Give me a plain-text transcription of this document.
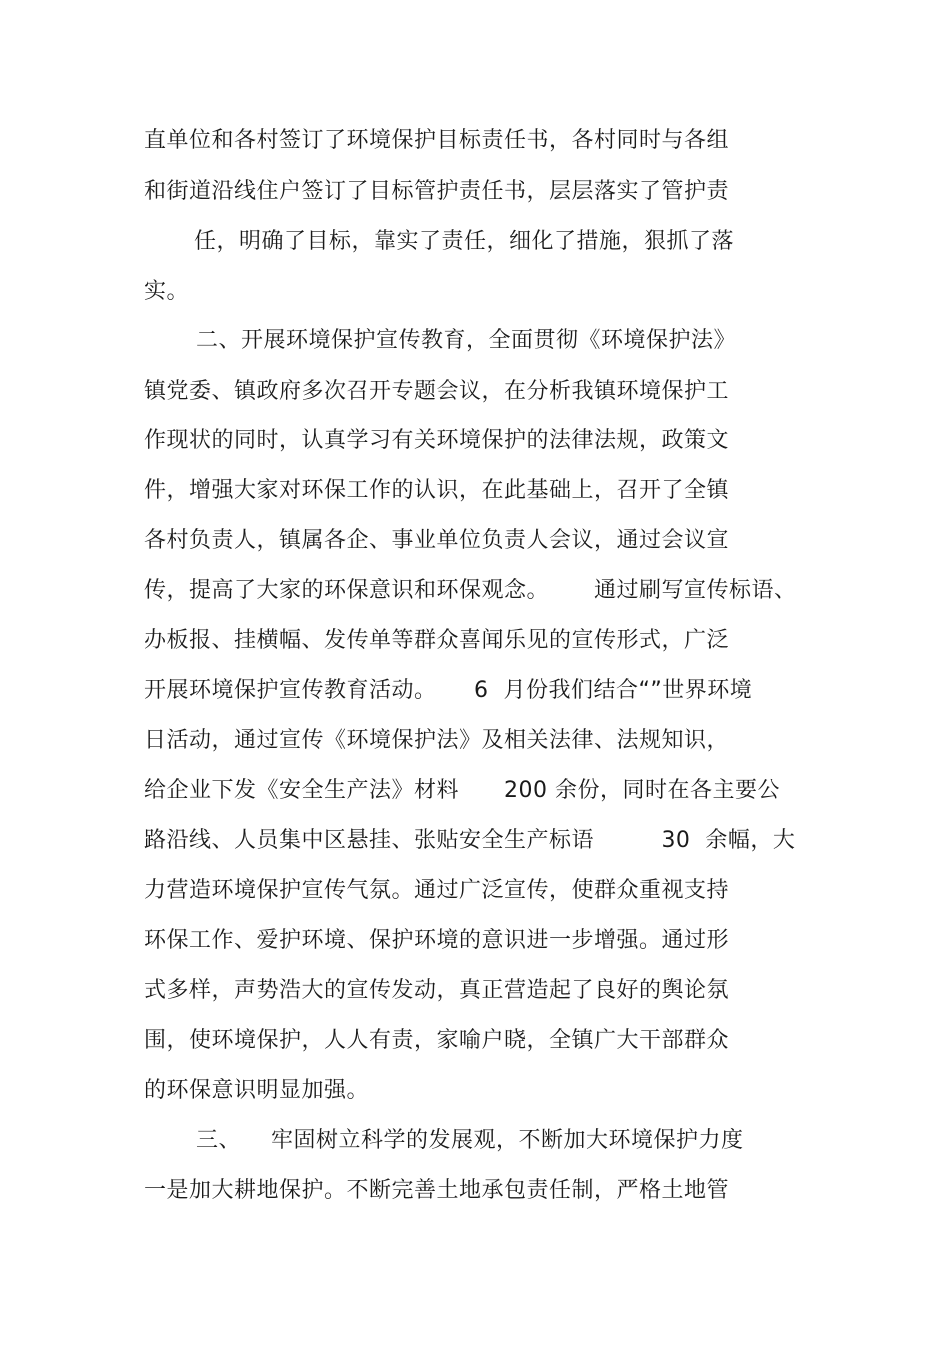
直单位和各村签订了环境保护目标责任书，各村同时与各组
和街道沿线住户签订了目标管护责任书，层层落实了管护责
任，明确了目标，靠实了责任，细化了措施，狠抓了落
实。
二、开展环境保护宣传教育，全面贯彻《环境保护法》
镇党委、镇政府多次召开专题会议，在分析我镇环境保护工
作现状的同时，认真学习有关环境保护的法律法规，政策文
件，增强大家对环保工作的认识，在此基础上，召开了全镇
各村负责人，镇属各企、事业单位负责人会议，通过会议宣
传，提高了大家的环保意识和环保观念。      通过刷写宣传标语、
办板报、挂横幅、发传单等群众喜闻乐见的宣传形式，广泛
开展环境保护宣传教育活动。     6  月份我们结合“”世界环境
日活动，通过宣传《环境保护法》及相关法律、法规知识，
给企业下发《安全生产法》材料      200 余份，同时在各主要公
路沿线、人员集中区悬挂、张贴安全生产标语         30  余幅，大
力营造环境保护宣传气氛。通过广泛宣传，使群众重视支持
环保工作、爱护环境、保护环境的意识进一步增强。通过形
式多样，声势浩大的宣传发动，真正营造起了良好的舆论氛
围，使环境保护，人人有责，家喻户晓，全镇广大干部群众
的环保意识明显加强。
三、    牢固树立科学的发展观，不断加大环境保护力度
一是加大耕地保护。不断完善土地承包责任制，严格土地管
